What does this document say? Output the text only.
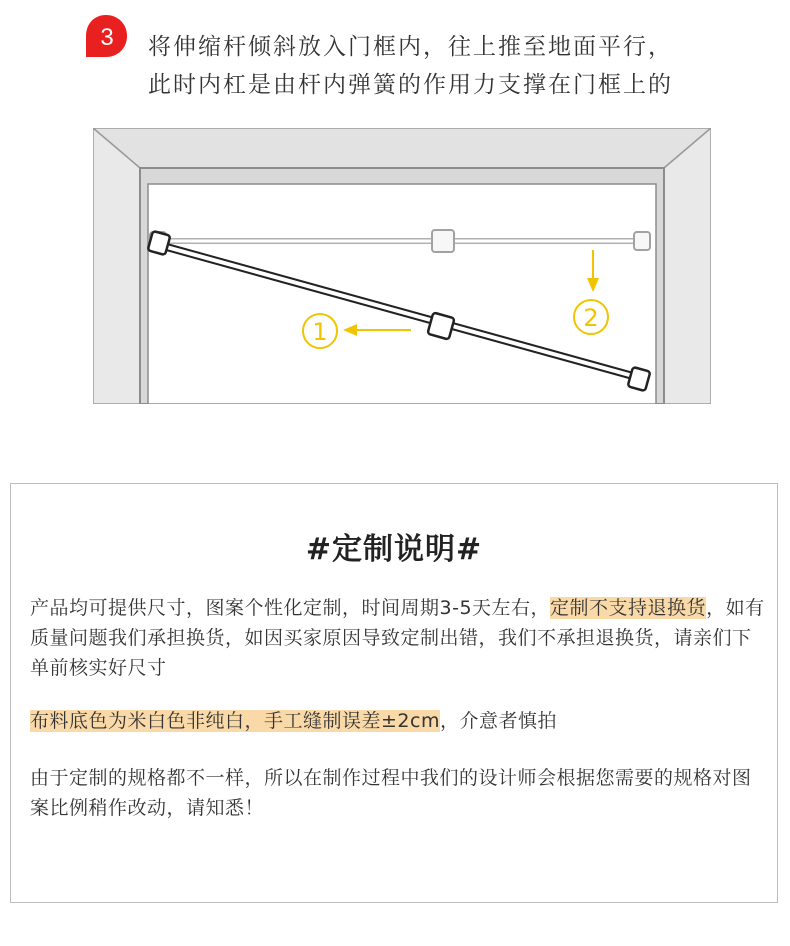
3 将伸缩杆倾斜放入门框内，往上推至地面平行，
此时内杠是由杆内弹簧的作用力支撑在门框上的
1	2
#定制说明#
产品均可提供尺寸，图案个性化定制，时间周期3-5天左右，定制不支持退换货，如有质量问题我们承担换货，如因买家原因导致定制出错，我们不承担退换货，请亲们下单前核实好尺寸
布料底色为米白色非纯白，手工缝制误差±2cm，介意者慎拍
由于定制的规格都不一样，所以在制作过程中我们的设计师会根据您需要的规格对图案比例稍作改动，请知悉！
